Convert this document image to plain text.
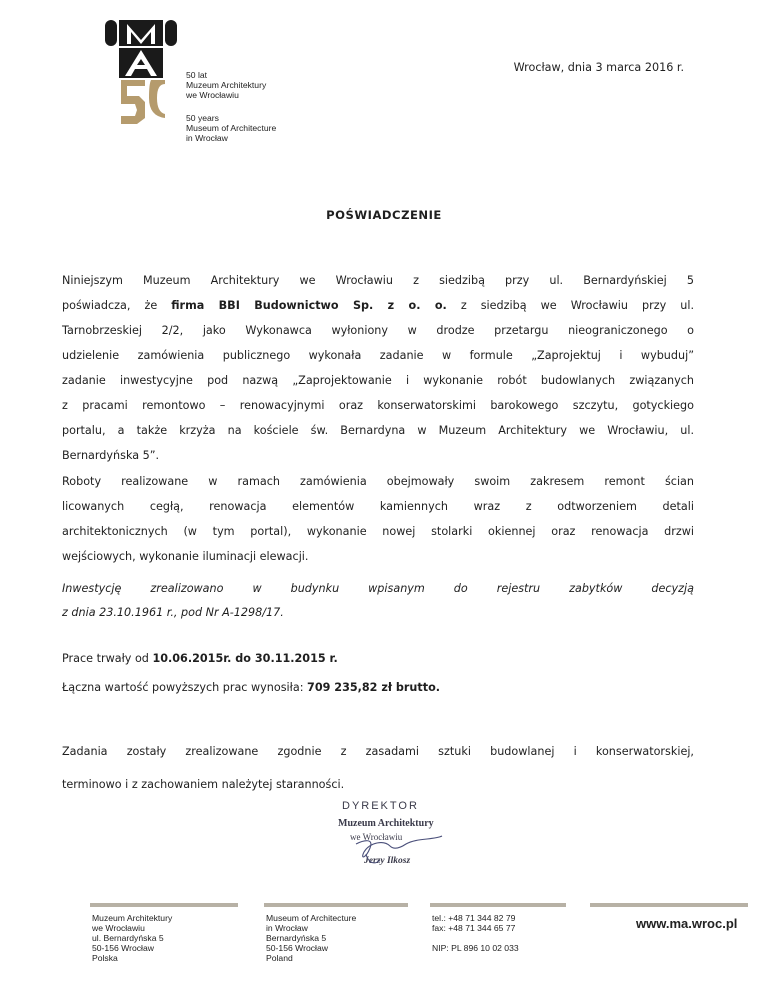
50 lat
Muzeum Architektury
we Wrocławiu
50 years
Museum of Architecture
in Wrocław
Wrocław, dnia 3 marca 2016 r.
POŚWIADCZENIE
Niniejszym Muzeum Architektury we Wrocławiu z siedzibą przy ul. Bernardyńskiej 5
poświadcza, że firma BBI Budownictwo Sp. z o. o. z siedzibą we Wrocławiu przy ul.
Tarnobrzeskiej 2/2, jako Wykonawca wyłoniony w drodze przetargu nieograniczonego o
udzielenie zamówienia publicznego wykonała zadanie w formule „Zaprojektuj i wybuduj”
zadanie inwestycyjne pod nazwą „Zaprojektowanie i wykonanie robót budowlanych związanych
z pracami remontowo – renowacyjnymi oraz konserwatorskimi barokowego szczytu, gotyckiego
portalu, a także krzyża na kościele św. Bernardyna w Muzeum Architektury we Wrocławiu, ul.
Bernardyńska 5”.
Roboty realizowane w ramach zamówienia obejmowały swoim zakresem remont ścian
licowanych cegłą, renowacja elementów kamiennych wraz z odtworzeniem detali
architektonicznych (w tym portal), wykonanie nowej stolarki okiennej oraz renowacja drzwi
wejściowych, wykonanie iluminacji elewacji.
Inwestycję zrealizowano w budynku wpisanym do rejestru zabytków decyzją
z dnia 23.10.1961 r., pod Nr A-1298/17.
Prace trwały od 10.06.2015r. do 30.11.2015 r.
Łączna wartość powyższych prac wynosiła: 709 235,82 zł brutto.
Zadania zostały zrealizowane zgodnie z zasadami sztuki budowlanej i konserwatorskiej,
terminowo i z zachowaniem należytej staranności.
DYREKTOR
Muzeum Architektury
we Wrocławiu
Jerzy Ilkosz
Muzeum Architektury
we Wrocławiu
ul. Bernardyńska 5
50-156 Wrocław
Polska
Museum of Architecture
in Wrocław
Bernardyńska 5
50-156 Wrocław
Poland
tel.: +48 71 344 82 79
fax: +48 71 344 65 77
NIP: PL 896 10 02 033
www.ma.wroc.pl
